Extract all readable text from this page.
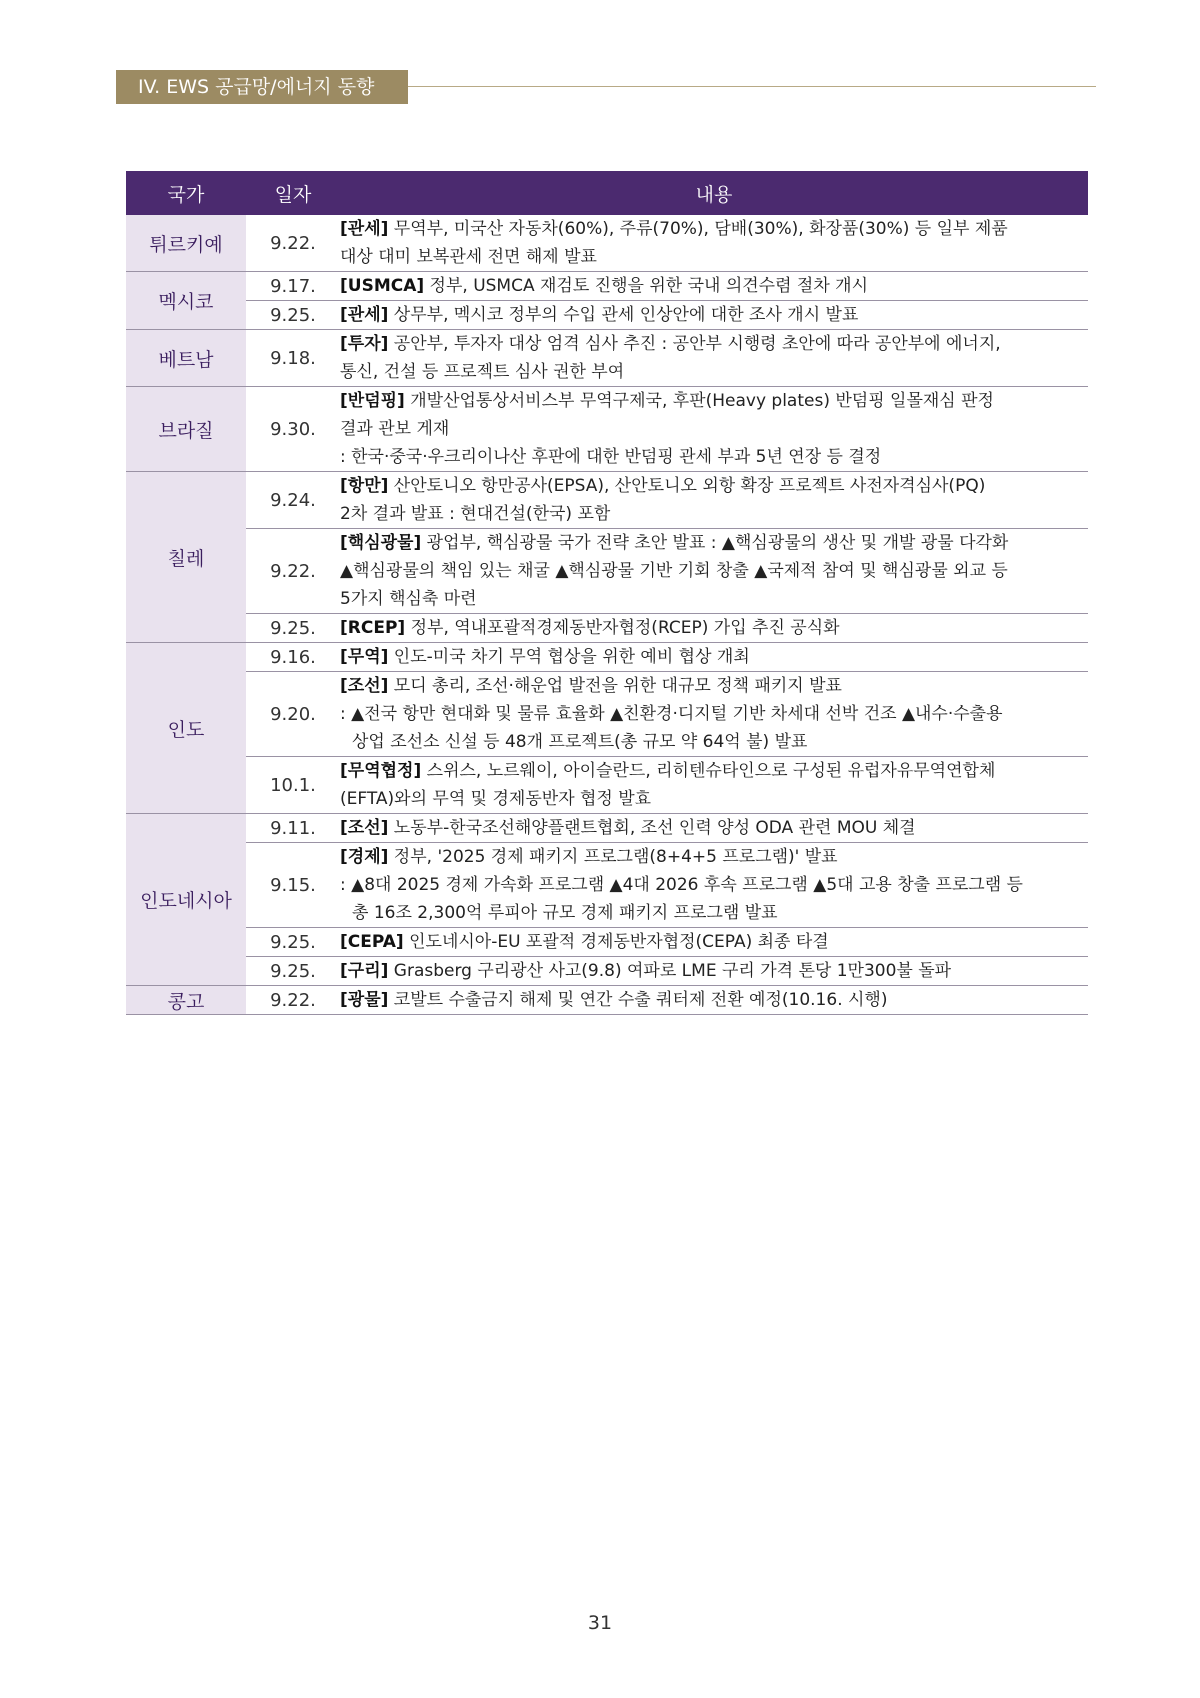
IV. EWS 공급망/에너지 동향
국가	일자	내용
튀르키예	9.22.	[관세] 무역부, 미국산 자동차(60%), 주류(70%), 담배(30%), 화장품(30%) 등 일부 제품
대상 대미 보복관세 전면 해제 발표

멕시코	9.17.	[USMCA] 정부, USMCA 재검토 진행을 위한 국내 의견수렴 절차 개시

	9.25.	[관세] 상무부, 멕시코 정부의 수입 관세 인상안에 대한 조사 개시 발표

베트남	9.18.	[투자] 공안부, 투자자 대상 엄격 심사 추진 : 공안부 시행령 초안에 따라 공안부에 에너지,
통신, 건설 등 프로젝트 심사 권한 부여

브라질	9.30.	[반덤핑] 개발산업통상서비스부 무역구제국, 후판(Heavy plates) 반덤핑 일몰재심 판정
결과 관보 게재
: 한국·중국·우크리이나산 후판에 대한 반덤핑 관세 부과 5년 연장 등 결정

칠레	9.24.	[항만] 산안토니오 항만공사(EPSA), 산안토니오 외항 확장 프로젝트 사전자격심사(PQ)
2차 결과 발표 : 현대건설(한국) 포함

	9.22.	[핵심광물] 광업부, 핵심광물 국가 전략 초안 발표 : ▲핵심광물의 생산 및 개발 광물 다각화
▲핵심광물의 책임 있는 채굴 ▲핵심광물 기반 기회 창출 ▲국제적 참여 및 핵심광물 외교 등
5가지 핵심축 마련

	9.25.	[RCEP] 정부, 역내포괄적경제동반자협정(RCEP) 가입 추진 공식화

인도	9.16.	[무역] 인도-미국 차기 무역 협상을 위한 예비 협상 개최

	9.20.	[조선] 모디 총리, 조선·해운업 발전을 위한 대규모 정책 패키지 발표
: ▲전국 항만 현대화 및 물류 효율화 ▲친환경·디지털 기반 차세대 선박 건조 ▲내수·수출용
상업 조선소 신설 등 48개 프로젝트(총 규모 약 64억 불) 발표

	10.1.	[무역협정] 스위스, 노르웨이, 아이슬란드, 리히텐슈타인으로 구성된 유럽자유무역연합체
(EFTA)와의 무역 및 경제동반자 협정 발효

인도네시아	9.11.	[조선] 노동부-한국조선해양플랜트협회, 조선 인력 양성 ODA 관련 MOU 체결

	9.15.	[경제] 정부, '2025 경제 패키지 프로그램(8+4+5 프로그램)' 발표
: ▲8대 2025 경제 가속화 프로그램 ▲4대 2026 후속 프로그램 ▲5대 고용 창출 프로그램 등
총 16조 2,300억 루피아 규모 경제 패키지 프로그램 발표

	9.25.	[CEPA] 인도네시아-EU 포괄적 경제동반자협정(CEPA) 최종 타결

	9.25.	[구리] Grasberg 구리광산 사고(9.8) 여파로 LME 구리 가격 톤당 1만300불 돌파

콩고	9.22.	[광물] 코발트 수출금지 해제 및 연간 수출 쿼터제 전환 예정(10.16. 시행)
31
